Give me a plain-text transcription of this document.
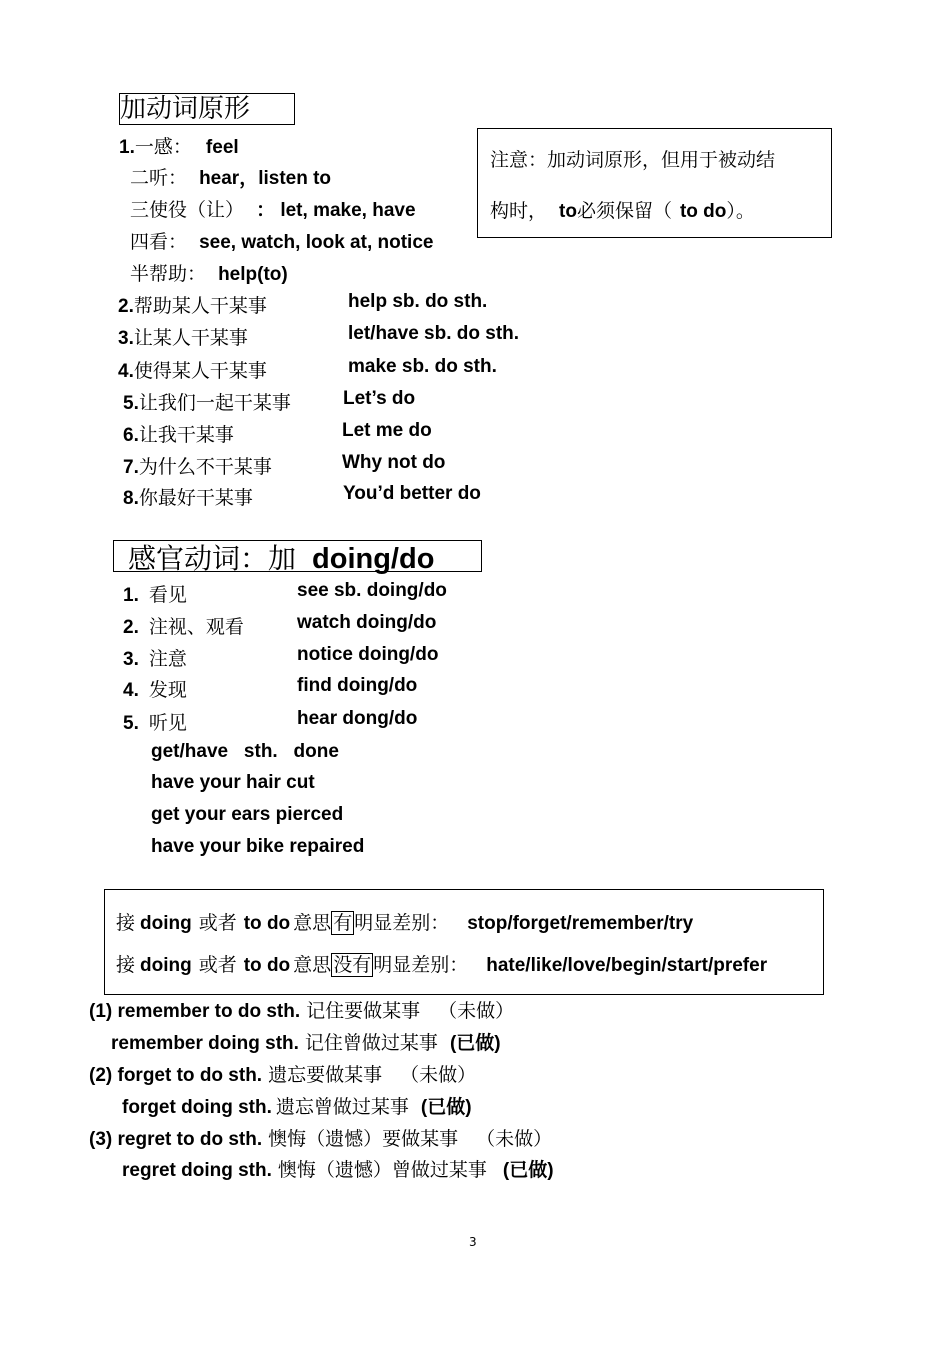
加动词原形
1.一感： feel
二听： hear，listen to
三使役（让） ： let, make, have
四看： see, watch, look at, notice
半帮助： help(to)
2.帮助某人干某事	help sb. do sth.
3.让某人干某事	let/have sb. do sth.
4.使得某人干某事	make sb. do sth.
5.让我们一起干某事	Let’s do
6.让我干某事	Let me do
7.为什么不干某事	Why not do
8.你最好干某事	You’d better do
注意：加动词原形，但用于被动结
构时， to必须保留（ to do）。
感官动词：加 doing/do
1. 看见	see sb. doing/do
2. 注视、观看	watch doing/do
3. 注意	notice doing/do
4. 发现	find doing/do
5. 听见	hear dong/do
get/have   sth.   done
have your hair cut
get your ears pierced
have your bike repaired
接 doing 或者 to do 意思 有 明显差别： stop/forget/remember/try
接 doing 或者 to do 意思 没有 明显差别： hate/like/love/begin/start/prefer
(1) remember to do sth. 记住要做某事 （未做）
remember doing sth. 记住曾做过某事 (已做)
(2) forget to do sth. 遗忘要做某事 （未做）
forget doing sth. 遗忘曾做过某事 (已做)
(3) regret to do sth. 懊悔（遗憾）要做某事 （未做）
regret doing sth. 懊悔（遗憾）曾做过某事 (已做)
3
